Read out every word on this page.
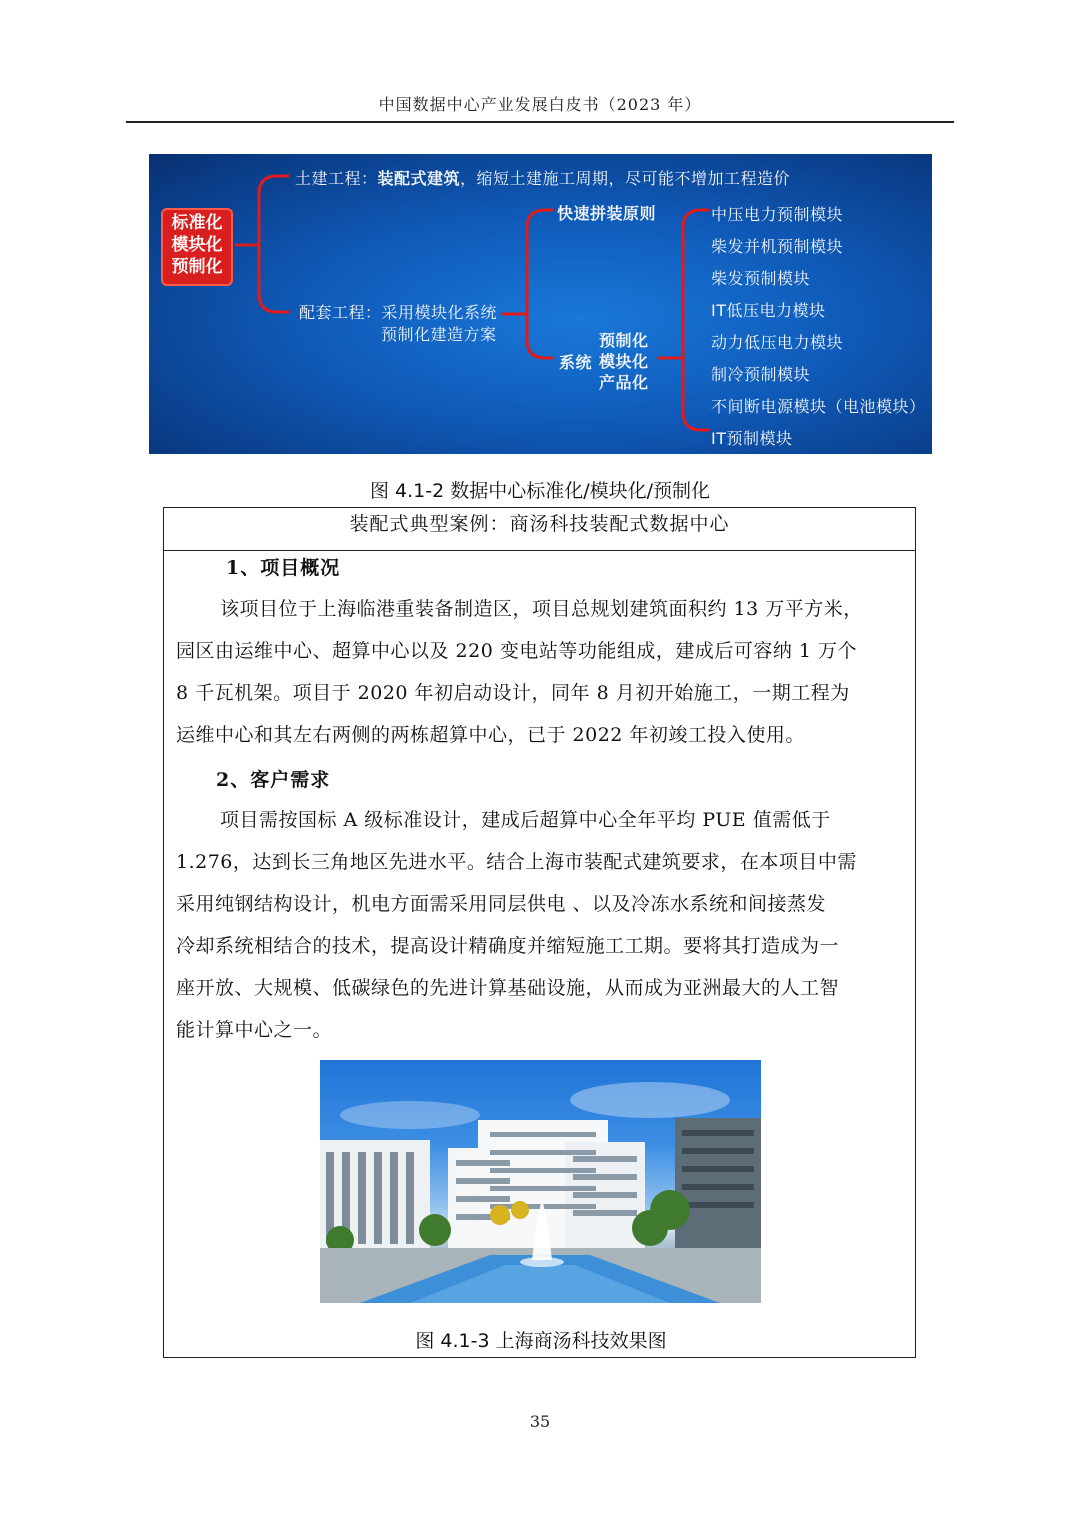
中国数据中心产业发展白皮书（2023 年）
标准化
模块化
预制化
土建工程：装配式建筑，缩短土建施工周期，尽可能不增加工程造价
配套工程：采用模块化系统
预制化建造方案
快速拼装原则
系统
预制化
模块化
产品化
中压电力预制模块
柴发并机预制模块
柴发预制模块
IT低压电力模块
动力低压电力模块
制冷预制模块
不间断电源模块（电池模块）
IT预制模块
图 4.1-2 数据中心标准化/模块化/预制化
装配式典型案例：商汤科技装配式数据中心
1、项目概况

该项目位于上海临港重装备制造区，项目总规划建筑面积约 13 万平方米，

园区由运维中心、超算中心以及 220 变电站等功能组成，建成后可容纳 1 万个

8 千瓦机架。项目于 2020 年初启动设计，同年 8 月初开始施工，一期工程为

运维中心和其左右两侧的两栋超算中心，已于 2022 年初竣工投入使用。

2、客户需求

项目需按国标 A 级标准设计，建成后超算中心全年平均 PUE 值需低于

1.276，达到长三角地区先进水平。结合上海市装配式建筑要求，在本项目中需

采用纯钢结构设计，机电方面需采用同层供电 、以及冷冻水系统和间接蒸发

冷却系统相结合的技术，提高设计精确度并缩短施工工期。要将其打造成为一

座开放、大规模、低碳绿色的先进计算基础设施，从而成为亚洲最大的人工智

能计算中心之一。

图 4.1-3 上海商汤科技效果图
35
